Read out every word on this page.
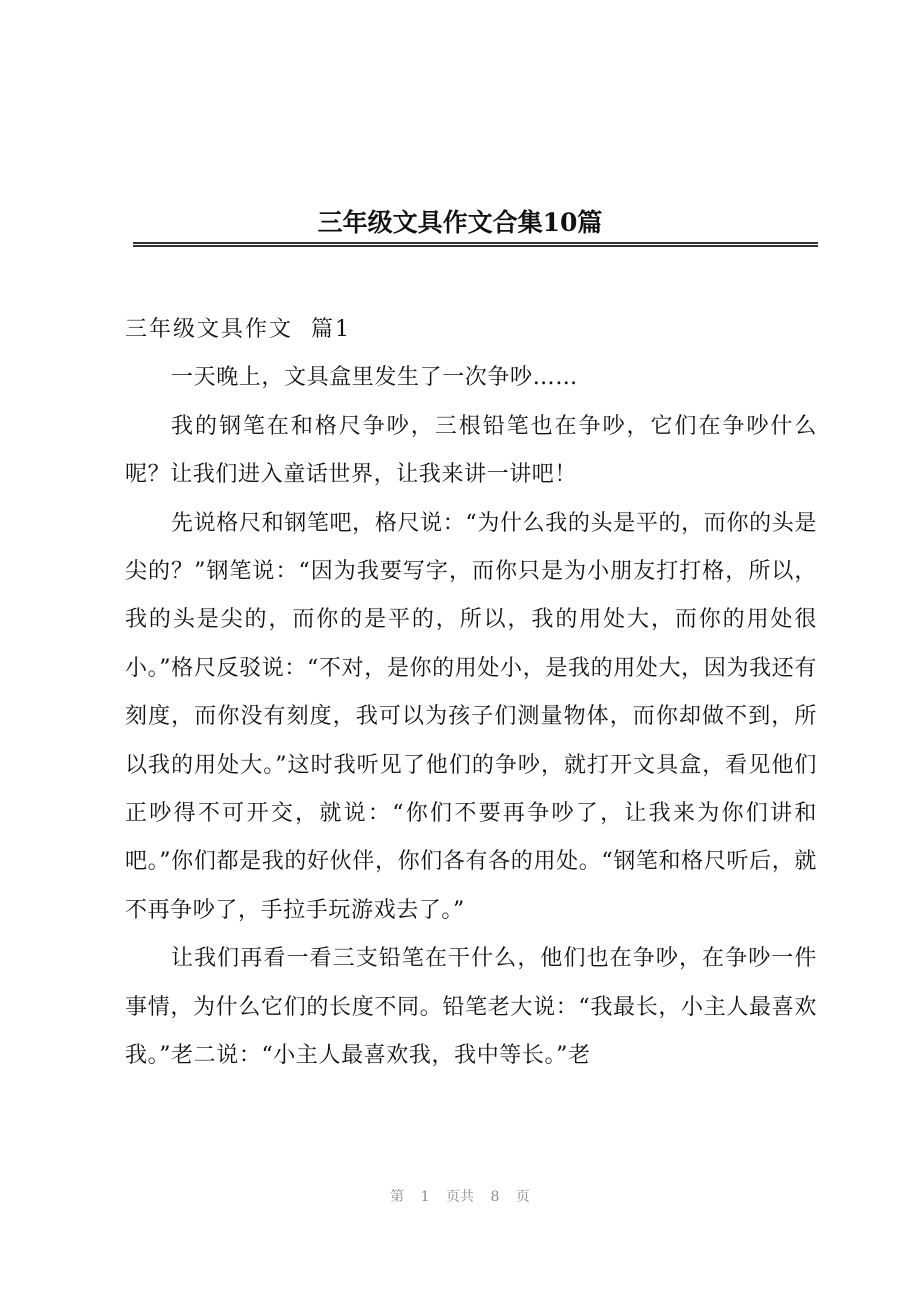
三年级文具作文合集10篇

三年级文具作文  篇1

一天晚上，文具盒里发生了一次争吵……

我的钢笔在和格尺争吵，三根铅笔也在争吵，它们在争吵什么呢？让我们进入童话世界，让我来讲一讲吧！

先说格尺和钢笔吧，格尺说：“为什么我的头是平的，而你的头是尖的？”钢笔说：“因为我要写字，而你只是为小朋友打打格，所以，我的头是尖的，而你的是平的，所以，我的用处大，而你的用处很小。”格尺反驳说：“不对，是你的用处小，是我的用处大，因为我还有刻度，而你没有刻度，我可以为孩子们测量物体，而你却做不到，所以我的用处大。”这时我听见了他们的争吵，就打开文具盒，看见他们正吵得不可开交，就说：“你们不要再争吵了，让我来为你们讲和吧。”你们都是我的好伙伴，你们各有各的用处。“钢笔和格尺听后，就不再争吵了，手拉手玩游戏去了。”

让我们再看一看三支铅笔在干什么，他们也在争吵，在争吵一件事情，为什么它们的长度不同。铅笔老大说：“我最长，小主人最喜欢我。”老二说：“小主人最喜欢我，我中等长。”老

第 1 页共 8 页
